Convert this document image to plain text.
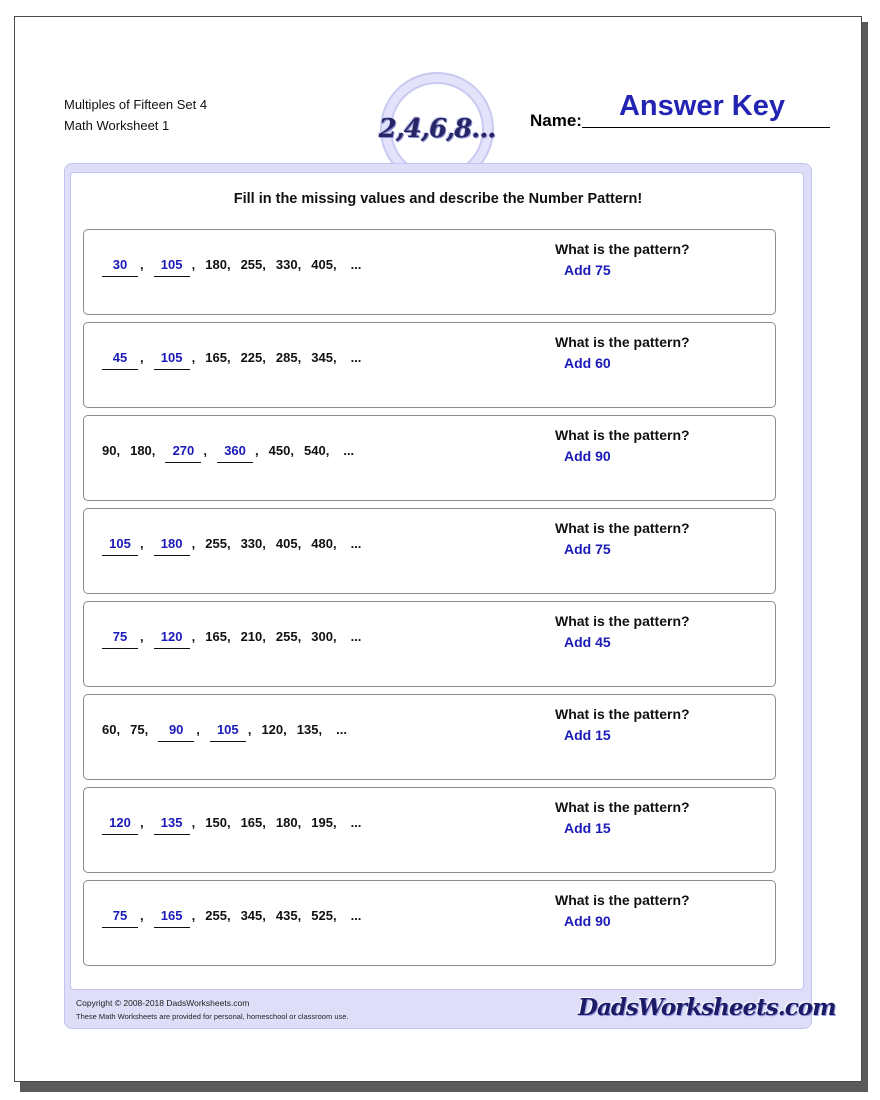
Multiples of Fifteen Set 4
Math Worksheet 1	2,4,6,8...
Answer Key
Name:
Fill in the missing values and describe the Number Pattern!
30 ,	105 , 180, 255, 330, 405, ...
What is the pattern?
Add 75
45 ,	105 , 165, 225, 285, 345, ...
What is the pattern?
Add 60
90, 180,	270 ,	360 , 450, 540, ...
What is the pattern?
Add 90
105 ,	180 , 255, 330, 405, 480, ...
What is the pattern?
Add 75
75 ,	120 , 165, 210, 255, 300, ...
What is the pattern?
Add 45
60, 75,	90 ,	105 , 120, 135, ...
What is the pattern?
Add 15
120 ,	135 , 150, 165, 180, 195, ...
What is the pattern?
Add 15
75 ,	165 , 255, 345, 435, 525, ...
What is the pattern?
Add 90
Copyright © 2008-2018 DadsWorksheets.com
These Math Worksheets are provided for personal, homeschool or classroom use.	DadsWorksheets.com
